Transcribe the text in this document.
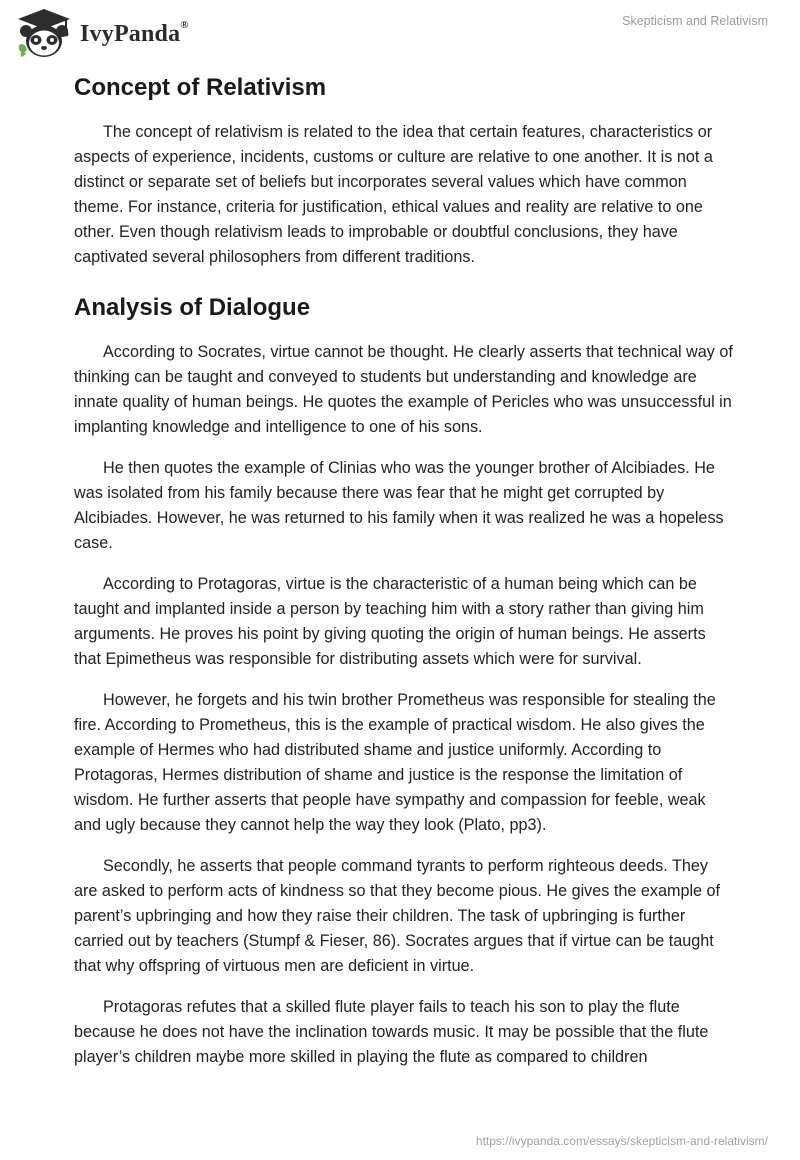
IvyPanda®	Skepticism and Relativism
Concept of Relativism

The concept of relativism is related to the idea that certain features, characteristics or aspects of experience, incidents, customs or culture are relative to one another. It is not a distinct or separate set of beliefs but incorporates several values which have common theme. For instance, criteria for justification, ethical values and reality are relative to one other. Even though relativism leads to improbable or doubtful conclusions, they have captivated several philosophers from different traditions.

Analysis of Dialogue

According to Socrates, virtue cannot be thought. He clearly asserts that technical way of thinking can be taught and conveyed to students but understanding and knowledge are innate quality of human beings. He quotes the example of Pericles who was unsuccessful in implanting knowledge and intelligence to one of his sons.

He then quotes the example of Clinias who was the younger brother of Alcibiades. He was isolated from his family because there was fear that he might get corrupted by Alcibiades. However, he was returned to his family when it was realized he was a hopeless case.

According to Protagoras, virtue is the characteristic of a human being which can be taught and implanted inside a person by teaching him with a story rather than giving him arguments. He proves his point by giving quoting the origin of human beings. He asserts that Epimetheus was responsible for distributing assets which were for survival.

However, he forgets and his twin brother Prometheus was responsible for stealing the fire. According to Prometheus, this is the example of practical wisdom. He also gives the example of Hermes who had distributed shame and justice uniformly. According to Protagoras, Hermes distribution of shame and justice is the response the limitation of wisdom. He further asserts that people have sympathy and compassion for feeble, weak and ugly because they cannot help the way they look (Plato, pp3).

Secondly, he asserts that people command tyrants to perform righteous deeds. They are asked to perform acts of kindness so that they become pious. He gives the example of parent’s upbringing and how they raise their children. The task of upbringing is further carried out by teachers (Stumpf & Fieser, 86). Socrates argues that if virtue can be taught that why offspring of virtuous men are deficient in virtue.

Protagoras refutes that a skilled flute player fails to teach his son to play the flute because he does not have the inclination towards music. It may be possible that the flute player’s children maybe more skilled in playing the flute as compared to children

https://ivypanda.com/essays/skepticism-and-relativism/
